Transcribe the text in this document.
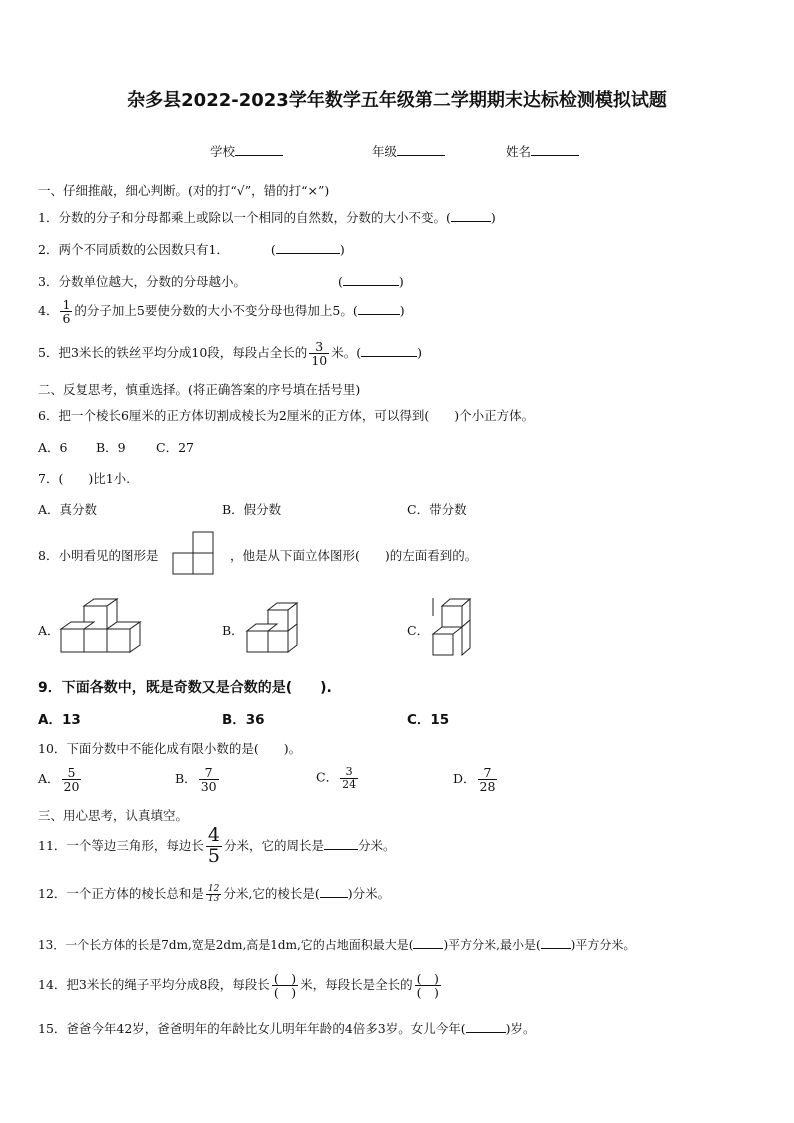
杂多县2022-2023学年数学五年级第二学期期末达标检测模拟试题
学校	年级	姓名
一、仔细推敲，细心判断。(对的打“√”，错的打“×”)
1．分数的分子和分母都乘上或除以一个相同的自然数，分数的大小不变。(	)
2．两个不同质数的公因数只有1．	(	)
3．分数单位越大，分数的分母越小。	(	)
4． $\frac{1}{6}$ 的分子加上5要使分数的大小不变分母也得加上5。(	)
5．把3米长的铁丝平均分成10段，每段占全长的 $\frac{3}{10}$ 米。(	)
二、反复思考，慎重选择。(将正确答案的序号填在括号里)
6．把一个棱长6厘米的正方体切割成棱长为2厘米的正方体，可以得到(　　)个小正方体。
A．6 B．9 C．27
7．(　　)比1小.
A．真分数	B．假分数	C．带分数
8．小明看见的图形是	，他是从下面立体图形(　　)的左面看到的。
A．	B．	C．
9．下面各数中，既是奇数又是合数的是(　　).
A．13	B．36	C．15
10．下面分数中不能化成有限小数的是(　　)。
A． $\frac{5}{20}$	B． $\frac{7}{30}$	C． $\frac{3}{24}$	D． $\frac{7}{28}$
三、用心思考，认真填空。
11．一个等边三角形，每边长 $\frac{4}{5}$ 分米，它的周长是	分米。
12．一个正方体的棱长总和是 $\frac{12}{13}$ 分米,它的棱长是( )分米。
13．一个长方体的长是7dm,宽是2dm,高是1dm,它的占地面积最大是(	)平方分米,最小是(	)平方分米。
14．把3米长的绳子平均分成8段，每段长 $\frac{( )}{( )}$ 米，每段长是全长的 $\frac{( )}{( )}$
15．爸爸今年42岁，爸爸明年的年龄比女儿明年年龄的4倍多3岁。女儿今年(	)岁。
